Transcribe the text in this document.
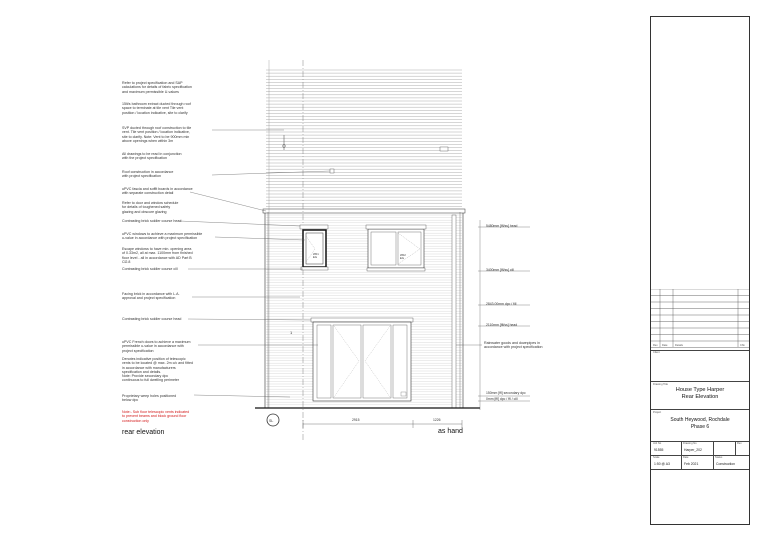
1
SL
Refer to project specification and SAP
calculations for details of fabric specification
and maximum permissible U-values
15lt/s bathroom extract ducted through roof
space to terminate at tile vent Tile vent
position / location indicative, site to clarify
SVP ducted through roof construction to tile
vent. Tile vent position / location indicative,
site to clarify. Note: Vent to be 900mm min
above openings when within 3m
All drawings to be read in conjunction
with the project specification
Roof construction in accordance
with project specification
uPVC fascia and soffit boards in accordance
with separate construction detail
Refer to door and window schedule
for details of toughened safety
glazing and obscure glazing
Contrasting brick soldier course head
uPVC windows to achieve a maximum permissible
u-value in accordance with project specification
Escape windows to have min. opening area
of 0.33m2, all at max. 1100mm from finished
floor level - all in accordance with AD Part B
Cl2.8
Contrasting brick soldier course cill
Facing brick in accordance with L.A.
approval and project specification
Contrasting brick soldier course head
uPVC French doors to achieve a maximum
permissible u-value in accordance with
project specification
Denotes indicative position of telescopic
vents to be located @ max. 2m c/c and fitted
in accordance with manufacturers
specification and details.
Note: Provide secondary dpc
continuous to full dwelling perimeter
Proprietary weep holes positioned
below dpc
Note:- Sub floor telescopic vents indicated
to prevent beams and block ground floor
construction only
rear elevation	as hand
2915	1226
W01
EG
W02
EG
5480mm [ffl/ss] head
3400mm [ffl/ss] cill
2843.00mm dpc / fill
2110mm [ffl/ss] head
150mm [ffl] secondary dpc
0mm [ffl] dpc / ffl / cill
Rainwater goods and downpipes in
accordance with project specification	Rev Date	Details	Chk
Client
Drawing Title
House Type Harper
Rear Elevation
Project
South Heywood, Rochdale
Phase 6
Job No
91555
Drawing No
Harper_202
Rev
Scale
1:50 @ A3
Date
Feb 2021
Status
Construction
